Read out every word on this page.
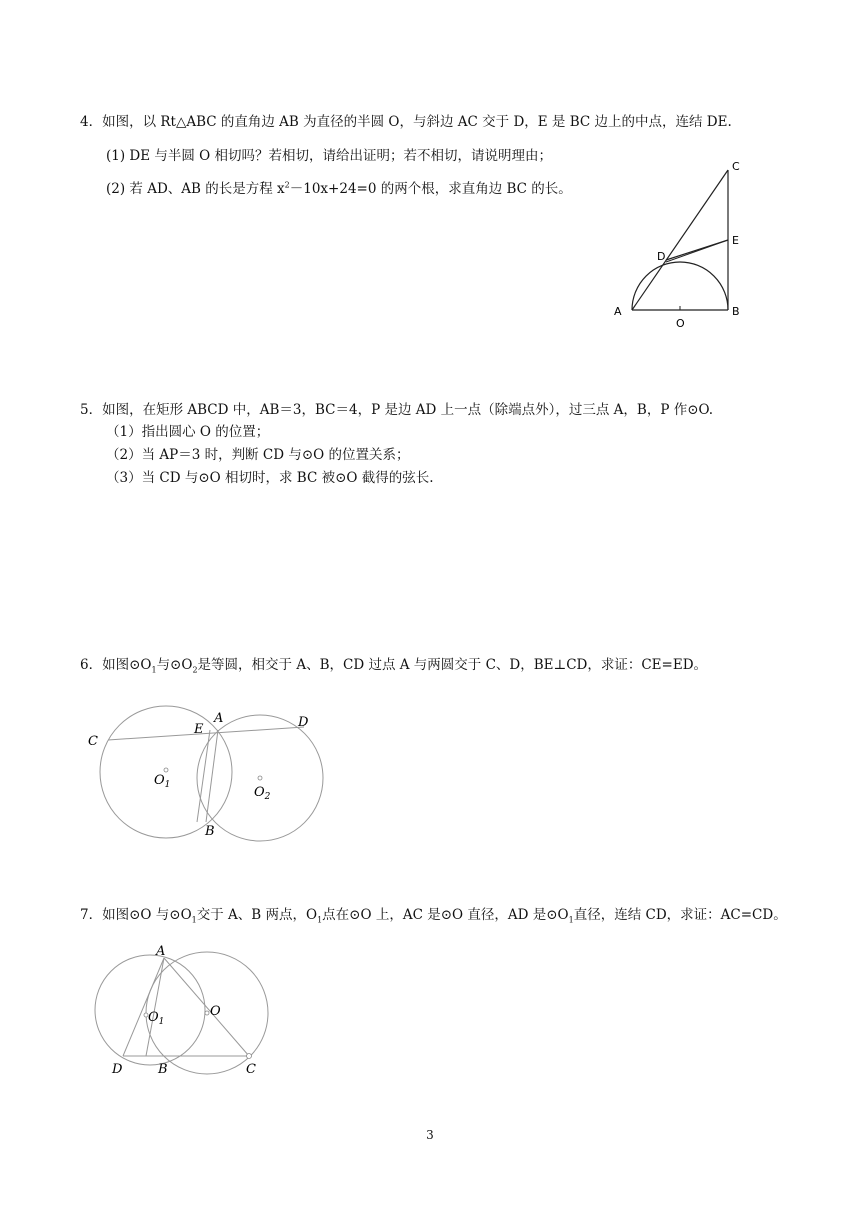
4．如图，以 Rt△ABC 的直角边 AB 为直径的半圆 O，与斜边 AC 交于 D，E 是 BC 边上的中点，连结 DE.
(1) DE 与半圆 O 相切吗？若相切，请给出证明；若不相切，请说明理由；
(2) 若 AD、AB 的长是方程 $x^2-10x+24=0$ 的两个根，求直角边 BC 的长。
C
E
D
A	B
O
5．如图，在矩形 ABCD 中，AB＝3，BC＝4，P 是边 AD 上一点（除端点外），过三点 A，B，P 作⊙O.
（1）指出圆心 O 的位置；
（2）当 AP＝3 时，判断 CD 与⊙O 的位置关系；
（3）当 CD 与⊙O 相切时，求 BC 被⊙O 截得的弦长.
6．如图$⊙O_1$与$⊙O_2$是等圆，相交于 A、B，CD 过点 A 与两圆交于 C、D，BE⊥CD，求证：CE=ED。
C
E
A	D
B
$O_1$	$O_2$
7．如图⊙O 与$⊙O_1$交于 A、B 两点，$O_1$点在⊙O 上，AC 是⊙O 直径，AD 是$⊙O_1$直径，连结 CD，求证：AC=CD。
A
O
$O_1$
D	B	C
3
